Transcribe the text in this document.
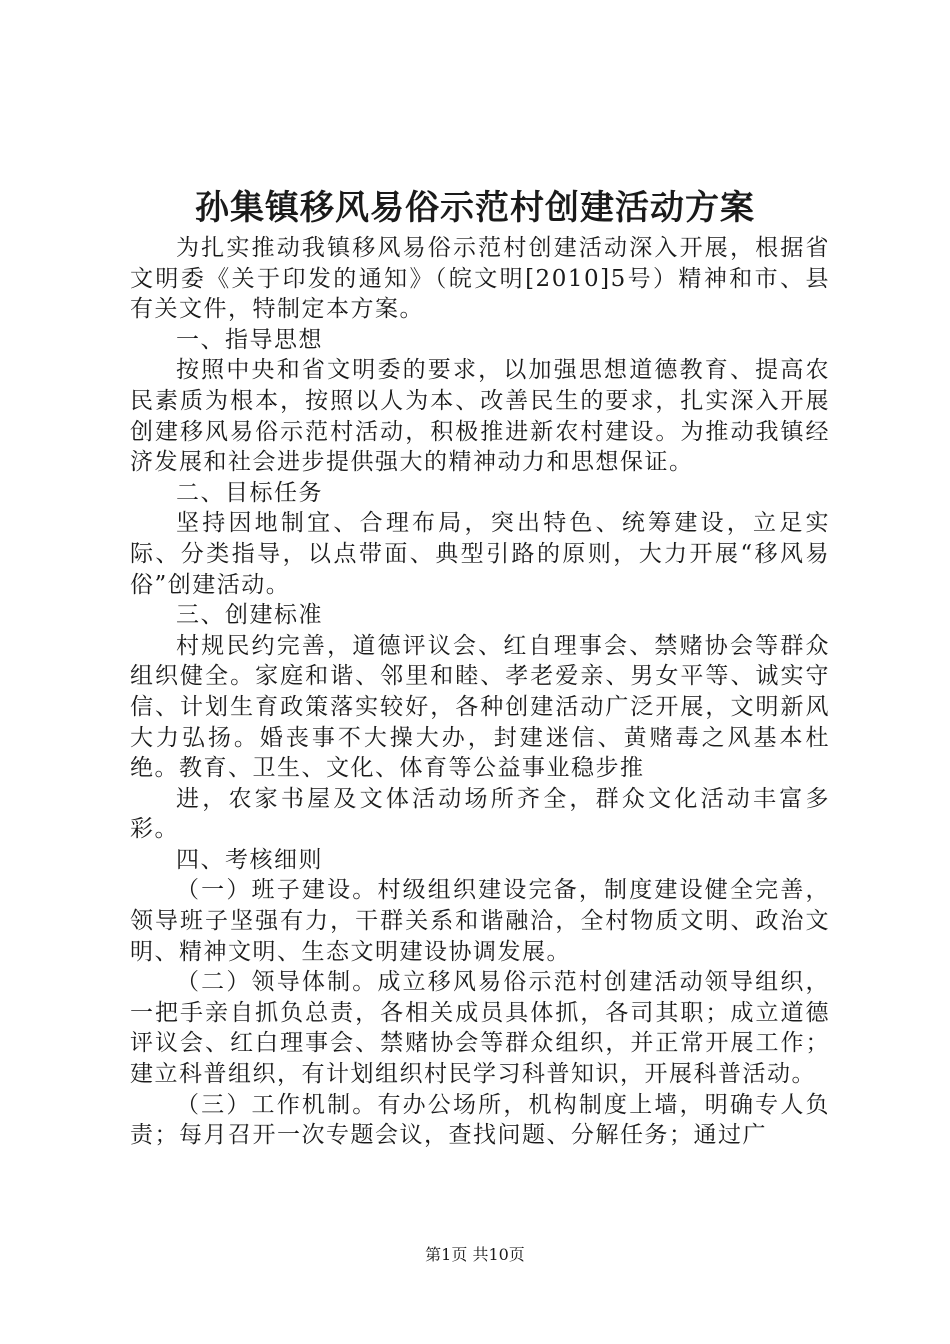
孙集镇移风易俗示范村创建活动方案

为扎实推动我镇移风易俗示范村创建活动深入开展，根据省文明委《关于印发的通知》（皖文明[2010]5号）精神和市、县有关文件，特制定本方案。

一、指导思想

按照中央和省文明委的要求，以加强思想道德教育、提高农民素质为根本，按照以人为本、改善民生的要求，扎实深入开展创建移风易俗示范村活动，积极推进新农村建设。为推动我镇经济发展和社会进步提供强大的精神动力和思想保证。

二、目标任务

坚持因地制宜、合理布局，突出特色、统筹建设，立足实际、分类指导，以点带面、典型引路的原则，大力开展“移风易俗”创建活动。

三、创建标准

村规民约完善，道德评议会、红自理事会、禁赌协会等群众组织健全。家庭和谐、邻里和睦、孝老爱亲、男女平等、诚实守信、计划生育政策落实较好，各种创建活动广泛开展，文明新风大力弘扬。婚丧事不大操大办，封建迷信、黄赌毒之风基本杜绝。教育、卫生、文化、体育等公益事业稳步推

进，农家书屋及文体活动场所齐全，群众文化活动丰富多彩。

四、考核细则

（一）班子建设。村级组织建设完备，制度建设健全完善，领导班子坚强有力，干群关系和谐融洽，全村物质文明、政治文明、精神文明、生态文明建设协调发展。

（二）领导体制。成立移风易俗示范村创建活动领导组织，一把手亲自抓负总责，各相关成员具体抓，各司其职；成立道德评议会、红白理事会、禁赌协会等群众组织，并正常开展工作；建立科普组织，有计划组织村民学习科普知识，开展科普活动。

（三）工作机制。有办公场所，机构制度上墙，明确专人负责；每月召开一次专题会议，查找问题、分解任务；通过广

第1页 共10页
